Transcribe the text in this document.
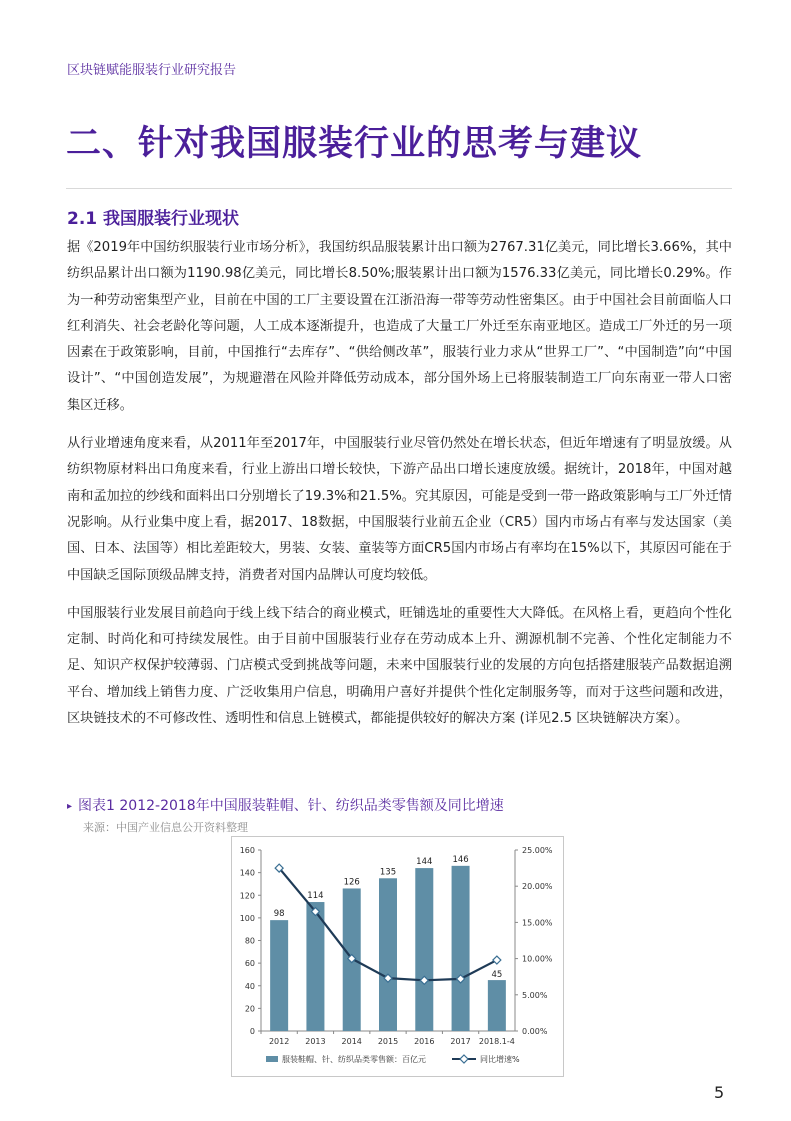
区块链赋能服装行业研究报告
二、针对我国服装行业的思考与建议
2.1 我国服装行业现状

据《2019年中国纺织服装行业市场分析》，我国纺织品服装累计出口额为2767.31亿美元，同比增长3.66%，其中纺织品累计出口额为1190.98亿美元，同比增长8.50%;服装累计出口额为1576.33亿美元，同比增长0.29%。作为一种劳动密集型产业，目前在中国的工厂主要设置在江浙沿海一带等劳动性密集区。由于中国社会目前面临人口红利消失、社会老龄化等问题，人工成本逐渐提升，也造成了大量工厂外迁至东南亚地区。造成工厂外迁的另一项因素在于政策影响，目前，中国推行“去库存”、“供给侧改革”，服装行业力求从“世界工厂”、“中国制造”向“中国设计”、“中国创造发展”，为规避潜在风险并降低劳动成本，部分国外场上已将服装制造工厂向东南亚一带人口密集区迁移。

从行业增速角度来看，从2011年至2017年，中国服装行业尽管仍然处在增长状态，但近年增速有了明显放缓。从纺织物原材料出口角度来看，行业上游出口增长较快，下游产品出口增长速度放缓。据统计，2018年，中国对越南和孟加拉的纱线和面料出口分别增长了19.3%和21.5%。究其原因，可能是受到一带一路政策影响与工厂外迁情况影响。从行业集中度上看，据2017、18数据，中国服装行业前五企业（CR5）国内市场占有率与发达国家（美国、日本、法国等）相比差距较大，男装、女装、童装等方面CR5国内市场占有率均在15%以下，其原因可能在于中国缺乏国际顶级品牌支持，消费者对国内品牌认可度均较低。

中国服装行业发展目前趋向于线上线下结合的商业模式，旺铺选址的重要性大大降低。在风格上看，更趋向个性化定制、时尚化和可持续发展性。由于目前中国服装行业存在劳动成本上升、溯源机制不完善、个性化定制能力不足、知识产权保护较薄弱、门店模式受到挑战等问题，未来中国服装行业的发展的方向包括搭建服装产品数据追溯平台、增加线上销售力度、广泛收集用户信息，明确用户喜好并提供个性化定制服务等，而对于这些问题和改进，区块链技术的不可修改性、透明性和信息上链模式，都能提供较好的解决方案 (详见2.5 区块链解决方案）。

▸ 图表1 2012-2018年中国服装鞋帽、针、纺织品类零售额及同比增速
来源：中国产业信息公开资料整理
0
20
40
60
80
100
120
140
160
0.00%
5.00%
10.00%
15.00%
20.00%
25.00%
98
2012
114
2013
126
2014
135
2015
144
2016
146
2017
45
2018.1-4
服装鞋帽、针、纺织品类零售额：百亿元	同比增速%
5
